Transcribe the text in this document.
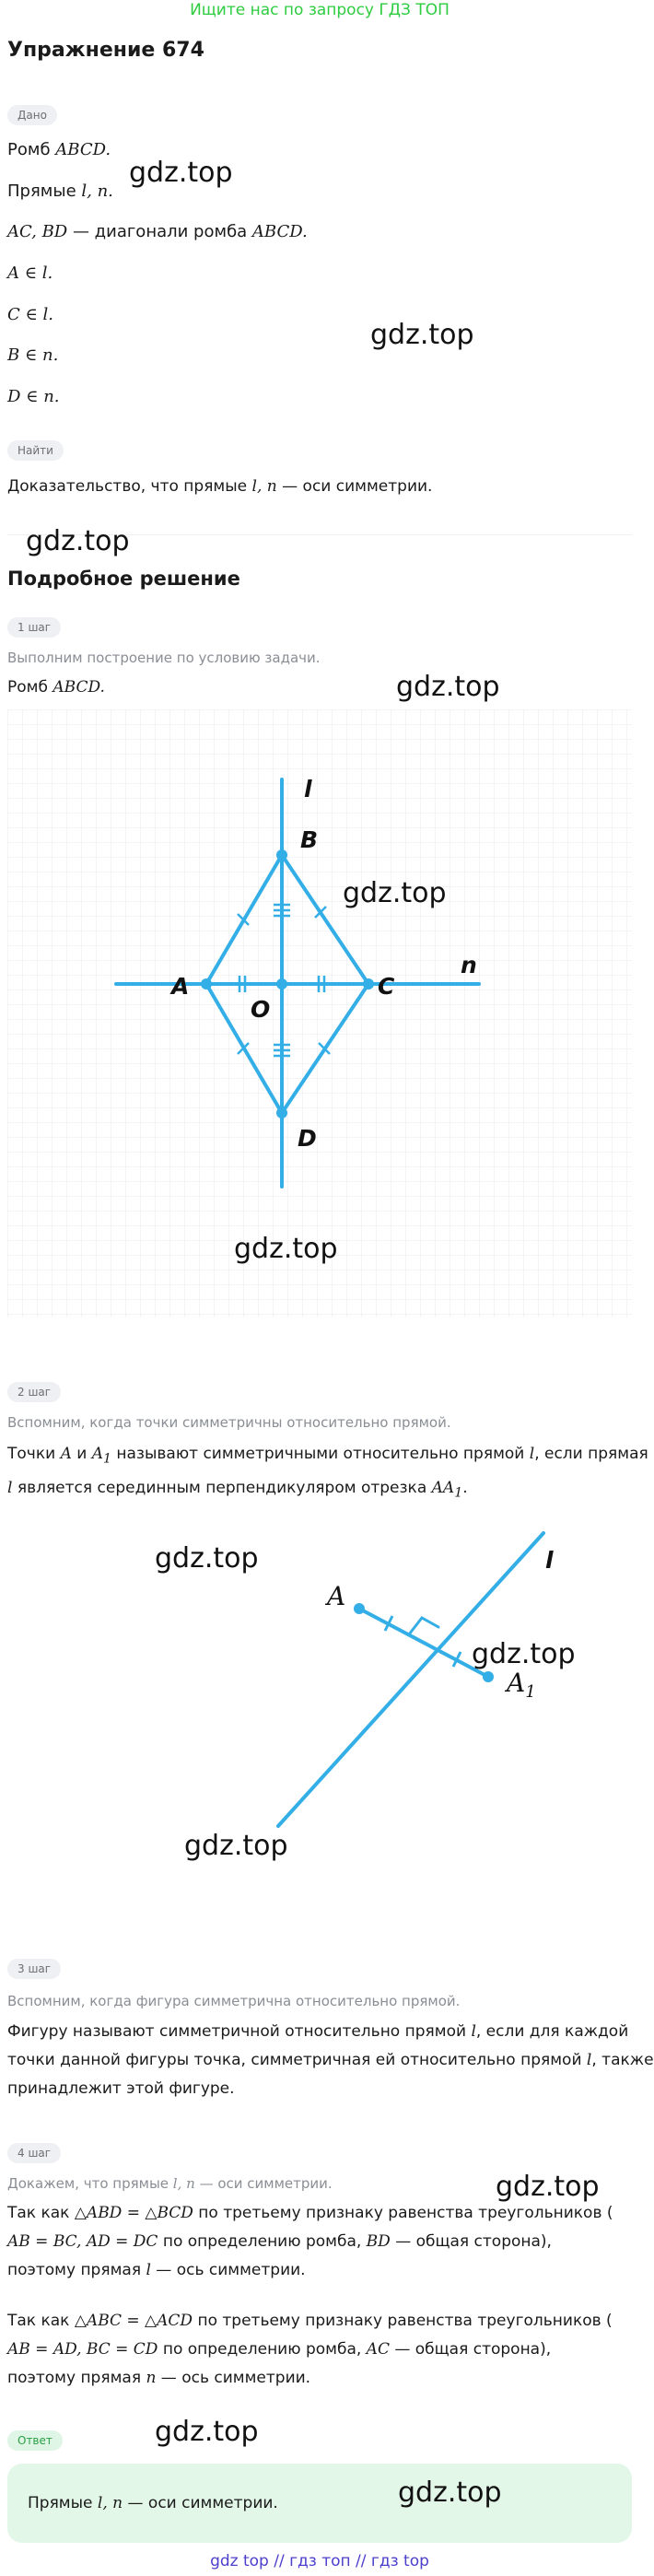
Ищите нас по запросу ГДЗ ТОП
Упражнение 674
Дано
Ромб ABCD.
Прямые l, n.
AC, BD — диагонали ромба ABCD.
A ∈ l.
C ∈ l.
B ∈ n.
D ∈ n.
Найти
Доказательство, что прямые l, n — оси симметрии.
Подробное решение
1 шаг
Выполним построение по условию задачи.
Ромб ABCD.
l
B
A	C
n
O
D
2 шаг
Вспомним, когда точки симметричны относительно прямой.
Точки A и $A_1$ называют симметричными относительно прямой l, если прямая
l является серединным перпендикуляром отрезка $AA_1$.
A
$A_1$
l
3 шаг
Вспомним, когда фигура симметрична относительно прямой.
Фигуру называют симметричной относительно прямой l, если для каждой
точки данной фигуры точка, симметричная ей относительно прямой l, также
принадлежит этой фигуре.
4 шаг
Докажем, что прямые l, n — оси симметрии.
Так как △ABD = △BCD по третьему признаку равенства треугольников (
AB = BC, AD = DC по определению ромба, BD — общая сторона),
поэтому прямая l — ось симметрии.
Так как △ABC = △ACD по третьему признаку равенства треугольников (
AB = AD, BC = CD по определению ромба, AC — общая сторона),
поэтому прямая n — ось симметрии.
Ответ
Прямые l, n — оси симметрии.
gdz.top
gdz.top
gdz.top
gdz.top
gdz.top
gdz.top
gdz.top
gdz.top
gdz.top
gdz.top
gdz.top
gdz.top
gdz top // гдз топ // гдз top
